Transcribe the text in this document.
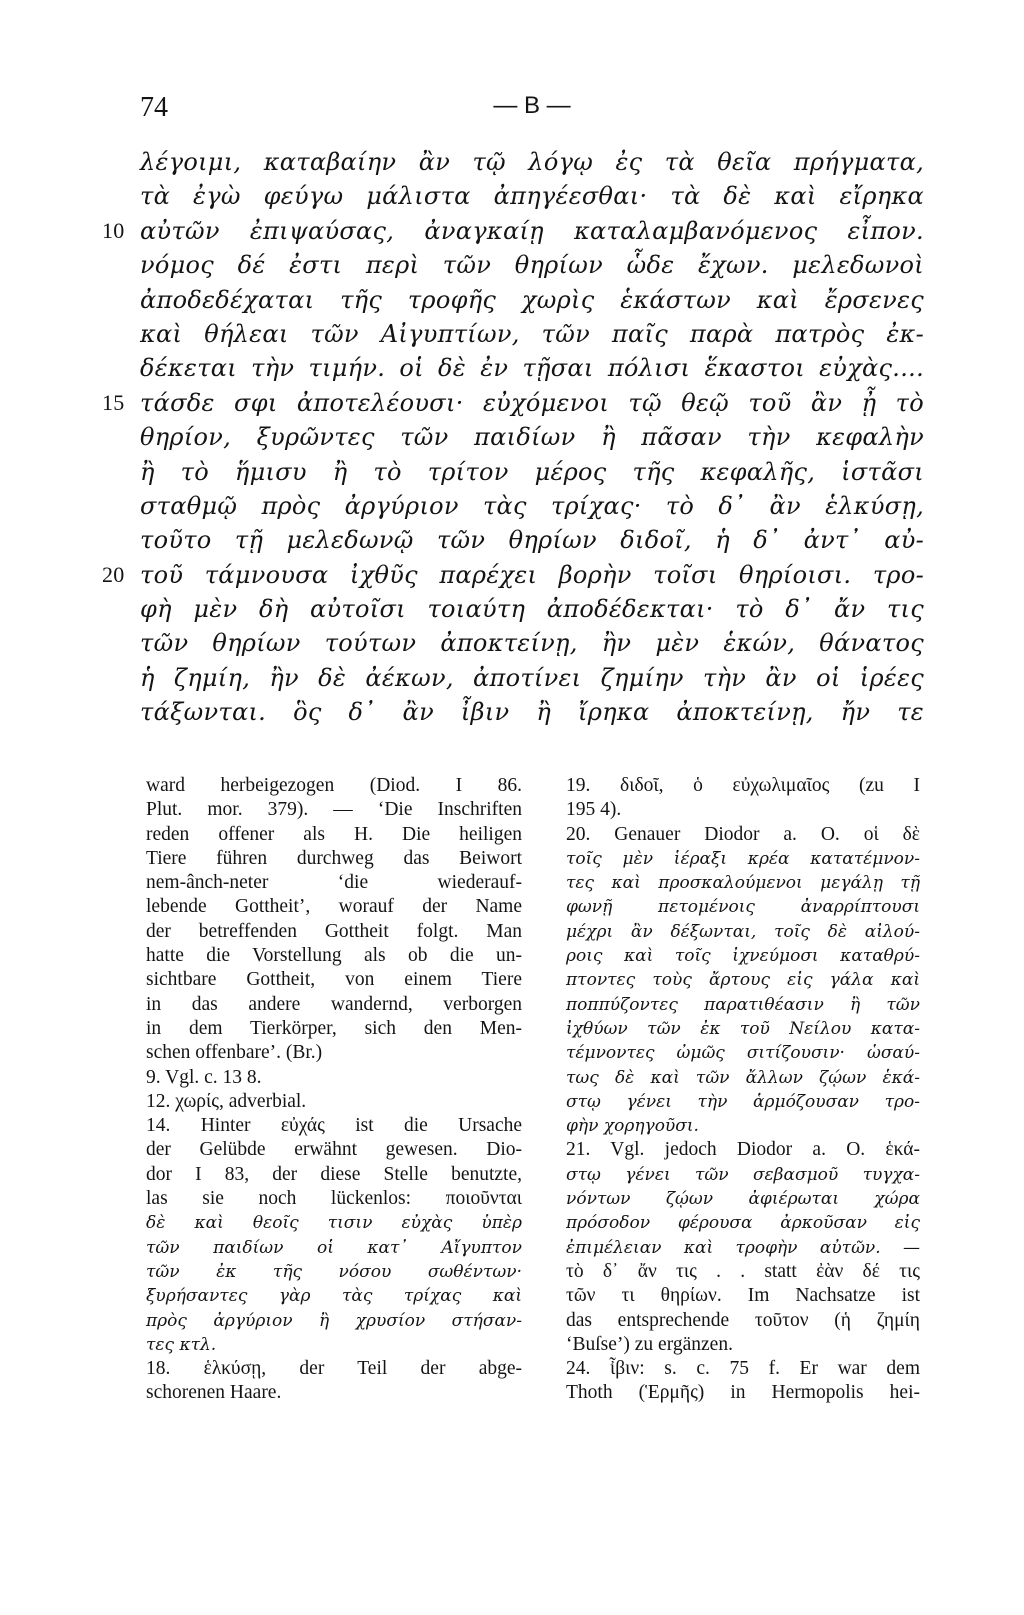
74	— B —
λέγοιμι, καταβαίην ἂν τῷ λόγῳ ἐς τὰ θεῖα πρήγματα,
τὰ ἐγὼ φεύγω μάλιστα ἀπηγέεσθαι· τὰ δὲ καὶ εἴρηκα
10 αὐτῶν ἐπιψαύσας, ἀναγκαίῃ καταλαμβανόμενος εἶπον.
νόμος δέ ἐστι περὶ τῶν θηρίων ὧδε ἔχων. μελεδωνοὶ
ἀποδεδέχαται τῆς τροφῆς χωρὶς ἑκάστων καὶ ἔρσενες
καὶ θήλεαι τῶν Αἰγυπτίων, τῶν παῖς παρὰ πατρὸς ἐκ-
δέκεται τὴν τιμήν. οἱ δὲ ἐν τῇσαι πόλισι ἕκαστοι εὐχὰς....
15 τάσδε σφι ἀποτελέουσι· εὐχόμενοι τῷ θεῷ τοῦ ἂν ᾖ τὸ
θηρίον, ξυρῶντες τῶν παιδίων ἢ πᾶσαν τὴν κεφαλὴν
ἢ τὸ ἥμισυ ἢ τὸ τρίτον μέρος τῆς κεφαλῆς, ἱστᾶσι
σταθμῷ πρὸς ἀργύριον τὰς τρίχας· τὸ δ᾽ ἂν ἑλκύσῃ,
τοῦτο τῇ μελεδωνῷ τῶν θηρίων διδοῖ, ἡ δ᾽ ἀντ᾽ αὐ-
20 τοῦ τάμνουσα ἰχθῦς παρέχει βορὴν τοῖσι θηρίοισι. τρο-
φὴ μὲν δὴ αὐτοῖσι τοιαύτη ἀποδέδεκται· τὸ δ᾽ ἄν τις
τῶν θηρίων τούτων ἀποκτείνῃ, ἢν μὲν ἑκών, θάνατος
ἡ ζημίη, ἢν δὲ ἀέκων, ἀποτίνει ζημίην τὴν ἂν οἱ ἱρέες
τάξωνται. ὃς δ᾽ ἂν ἶβιν ἢ ἴρηκα ἀποκτείνῃ, ἤν τε
ward herbeigezogen (Diod. I 86.
Plut. mor. 379). — ‘Die Inschriften
reden offener als H. Die heiligen
Tiere führen durchweg das Beiwort
nem-ânch-neter ‘die wiederauf-
lebende Gottheit’, worauf der Name
der betreffenden Gottheit folgt. Man
hatte die Vorstellung als ob die un-
sichtbare Gottheit, von einem Tiere
in das andere wandernd, verborgen
in dem Tierkörper, sich den Men-
schen offenbare’. (Br.)
9. Vgl. c. 13 8.
12. χωρίς, adverbial.
14. Hinter εὐχάς ist die Ursache
der Gelübde erwähnt gewesen. Dio-
dor I 83, der diese Stelle benutzte,
las sie noch lückenlos: ποιοῦνται
δὲ καὶ θεοῖς τισιν εὐχὰς ὑπὲρ
τῶν παιδίων οἱ κατ᾽ Αἴγυπτον
τῶν ἐκ τῆς νόσου σωθέντων·
ξυρήσαντες γὰρ τὰς τρίχας καὶ
πρὸς ἀργύριον ἢ χρυσίον στήσαν-
τες κτλ.
18. ἑλκύσῃ, der Teil der abge-
schorenen Haare.
19. διδοῖ, ὁ εὐχωλιμαῖος (zu I
195 4).
20. Genauer Diodor a. O. οἱ δὲ
τοῖς μὲν ἱέραξι κρέα κατατέμνον-
τες καὶ προσκαλούμενοι μεγάλῃ τῇ
φωνῇ πετομένοις ἀναρρίπτουσι
μέχρι ἂν δέξωνται, τοῖς δὲ αἰλού-
ροις καὶ τοῖς ἰχνεύμοσι καταθρύ-
πτοντες τοὺς ἄρτους εἰς γάλα καὶ
ποππύζοντες παρατιθέασιν ἢ τῶν
ἰχθύων τῶν ἐκ τοῦ Νείλου κατα-
τέμνοντες ὠμῶς σιτίζουσιν· ὡσαύ-
τως δὲ καὶ τῶν ἄλλων ζῴων ἑκά-
στῳ γένει τὴν ἁρμόζουσαν τρο-
φὴν χορηγοῦσι.
21. Vgl. jedoch Diodor a. O. ἑκά-
στῳ γένει τῶν σεβασμοῦ τυγχα-
νόντων ζῴων ἀφιέρωται χώρα
πρόσοδον φέρουσα ἀρκοῦσαν εἰς
ἐπιμέλειαν καὶ τροφὴν αὐτῶν. —
τὸ δ᾽ ἄν τις . . statt ἐὰν δέ τις
τῶν τι θηρίων. Im Nachsatze ist
das entsprechende τοῦτον (ἡ ζημίη
‘Buſse’) zu ergänzen.
24. ἶβιν: s. c. 75 f. Er war dem
Thoth (Ἑρμῆς) in Hermopolis hei-
